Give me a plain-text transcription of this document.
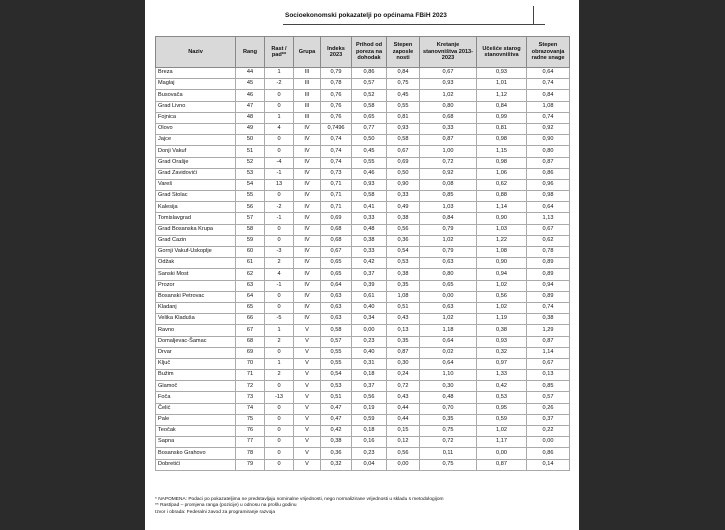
Socioekonomski pokazatelji po općinama FBiH 2023
Naziv	Rang	Rast / pad**	Grupa	Indeks 2023	Prihod od poreza na dohodak	Stepen zaposle nosti	Kretanje stanovništva 2013-2023	Učešće starog stanovništva	Stepen obrazovanja radne snage
Breza	44	1	III	0,79	0,86	0,84	0,67	0,93	0,64
Maglaj	45	-2	III	0,78	0,57	0,75	0,93	1,01	0,74
Busovača	46	0	III	0,76	0,52	0,45	1,02	1,12	0,84
Grad Livno	47	0	III	0,76	0,58	0,55	0,80	0,84	1,08
Fojnica	48	1	III	0,76	0,65	0,81	0,68	0,99	0,74
Olovo	49	4	IV	0,7496	0,77	0,93	0,33	0,81	0,92
Jajce	50	0	IV	0,74	0,50	0,58	0,87	0,98	0,90
Donji Vakuf	51	0	IV	0,74	0,45	0,67	1,00	1,15	0,80
Grad Orašje	52	-4	IV	0,74	0,55	0,69	0,72	0,98	0,87
Grad Zavidovići	53	-1	IV	0,73	0,46	0,50	0,92	1,06	0,86
Vareš	54	13	IV	0,71	0,93	0,90	0,08	0,62	0,96
Grad Stolac	55	0	IV	0,71	0,58	0,33	0,85	0,88	0,98
Kalesija	56	-2	IV	0,71	0,41	0,49	1,03	1,14	0,64
Tomislavgrad	57	-1	IV	0,69	0,33	0,38	0,84	0,90	1,13
Grad Bosanska Krupa	58	0	IV	0,68	0,48	0,56	0,79	1,03	0,67
Grad Cazin	59	0	IV	0,68	0,38	0,36	1,02	1,22	0,62
Gornji Vakuf-Uskoplje	60	-3	IV	0,67	0,33	0,54	0,79	1,08	0,78
Odžak	61	2	IV	0,65	0,42	0,53	0,63	0,90	0,89
Sanski Most	62	4	IV	0,65	0,37	0,38	0,80	0,94	0,89
Prozor	63	-1	IV	0,64	0,39	0,35	0,65	1,02	0,94
Bosanski Petrovac	64	0	IV	0,63	0,61	1,08	0,00	0,56	0,89
Kladanj	65	0	IV	0,63	0,40	0,51	0,63	1,02	0,74
Velika Kladuša	66	-5	IV	0,63	0,34	0,43	1,02	1,19	0,38
Ravno	67	1	V	0,58	0,00	0,13	1,18	0,38	1,29
Domaljevac-Šamac	68	2	V	0,57	0,23	0,35	0,64	0,93	0,87
Drvar	69	0	V	0,55	0,40	0,87	0,02	0,32	1,14
Ključ	70	1	V	0,55	0,31	0,30	0,64	0,97	0,67
Bužim	71	2	V	0,54	0,18	0,24	1,10	1,33	0,13
Glamoč	72	0	V	0,53	0,37	0,72	0,30	0,42	0,85
Foča	73	-13	V	0,51	0,56	0,43	0,48	0,53	0,57
Čelić	74	0	V	0,47	0,19	0,44	0,70	0,95	0,26
Pale	75	0	V	0,47	0,59	0,44	0,35	0,59	0,37
Teočak	76	0	V	0,42	0,18	0,15	0,75	1,02	0,22
Sapna	77	0	V	0,38	0,16	0,12	0,72	1,17	0,00
Bosansko Grahovo	78	0	V	0,36	0,23	0,56	0,11	0,00	0,86
Dobretići	79	0	V	0,32	0,04	0,00	0,75	0,87	0,14
* NAPOMENA: Podaci po pokazateljima ne predstavljaju nominalne vrijednosti, nego normalizirane vrijednosti u skladu s metodologijom
** Rast/pad – promjena ranga (pozicije) u odnosu na prošlu godinu
Izvor i obrada: Federalni zavod za programiranje razvoja
